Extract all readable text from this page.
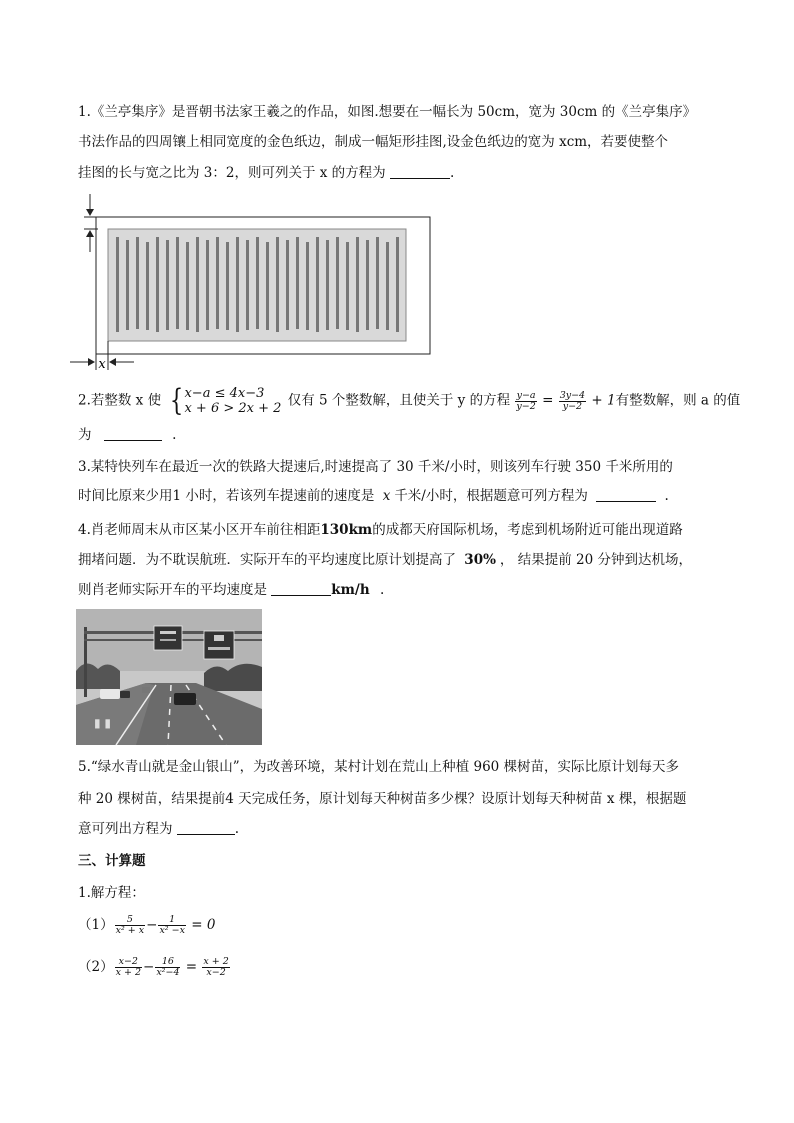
1.《兰亭集序》是晋朝书法家王羲之的作品，如图.想要在一幅长为 50cm，宽为 30cm 的《兰亭集序》
书法作品的四周镶上相同宽度的金色纸边，制成一幅矩形挂图,设金色纸边的宽为 xcm，若要使整个
挂图的长与宽之比为 3：2，则可列关于 x 的方程为	.
x
2.若整数 x 使 { x−a ≤ 4x−3
x + 6 > 2x + 2 仅有 5 个整数解，且使关于 y 的方程 $\frac{y-a}{y-2} = \frac{3y-4}{y-2} + 1$有整数解，则 a 的值
为	.
3.某特快列车在最近一次的铁路大提速后,时速提高了 30 千米/小时，则该列车行驶 350 千米所用的
时间比原来少用1 小时，若该列车提速前的速度是 x 千米/小时，根据题意可列方程为	.
4.肖老师周末从市区某小区开车前往相距130km的成都天府国际机场，考虑到机场附近可能出现道路
拥堵问题．为不耽误航班．实际开车的平均速度比原计划提高了 30% ， 结果提前 20 分钟到达机场，
则肖老师实际开车的平均速度是	km/h .
▮ ▮
5.“绿水青山就是金山银山”，为改善环境，某村计划在荒山上种植 960 棵树苗，实际比原计划每天多
种 20 棵树苗，结果提前4 天完成任务，原计划每天种树苗多少棵？设原计划每天种树苗 x 棵，根据题
意可列出方程为	.
三、计算题
1.解方程：
$(1) \frac{5}{\text{x² + x}} - \frac{1}{\text{x² −x}} = 0$
$(2) \frac{x-2}{x + 2} - \frac{16}{\text{x²−4}} = \frac{x + 2}{x-2}$
